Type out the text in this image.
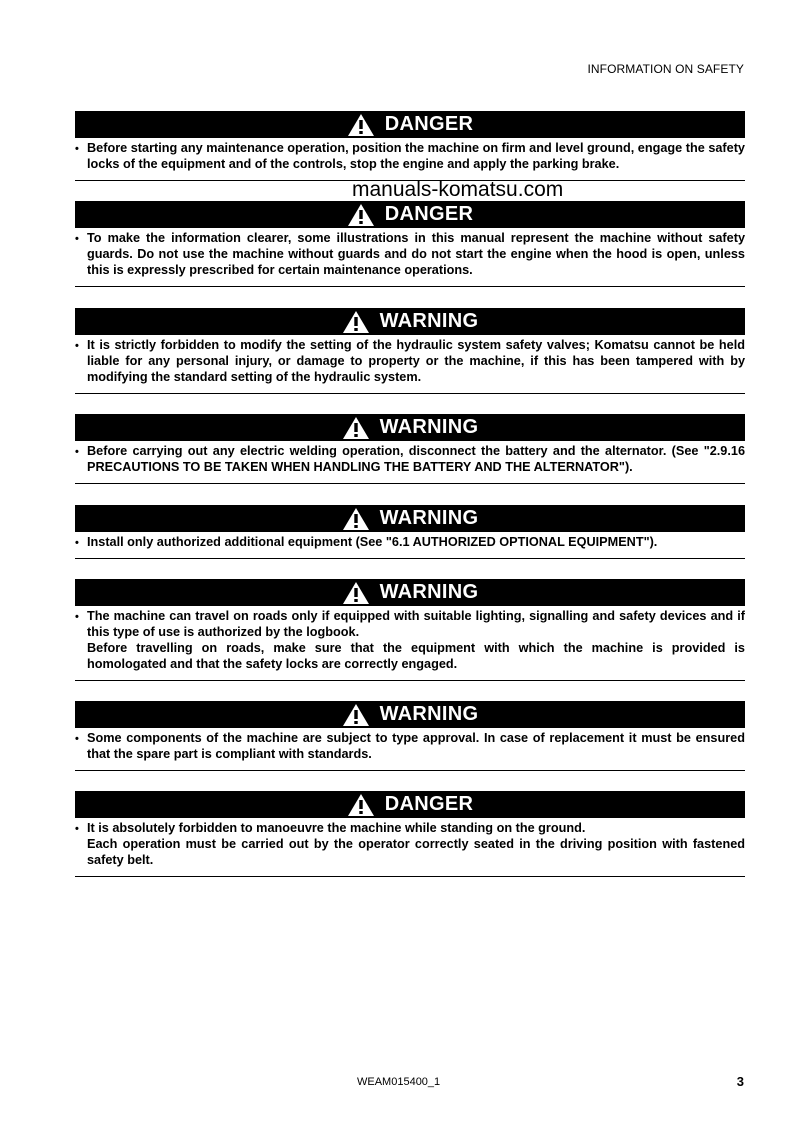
INFORMATION ON SAFETY
manuals-komatsu.com
DANGER
• Before starting any maintenance operation, position the machine on firm and level ground, engage the safety locks of the equipment and of the controls, stop the engine and apply the parking brake.

DANGER
• To make the information clearer, some illustrations in this manual represent the machine without safety guards. Do not use the machine without guards and do not start the engine when the hood is open, unless this is expressly prescribed for certain maintenance operations.

WARNING
• It is strictly forbidden to modify the setting of the hydraulic system safety valves; Komatsu cannot be held liable for any personal injury, or damage to property or the machine, if this has been tampered with by modifying the standard setting of the hydraulic system.

WARNING
• Before carrying out any electric welding operation, disconnect the battery and the alternator. (See "2.9.16 PRECAUTIONS TO BE TAKEN WHEN HANDLING THE BATTERY AND THE ALTERNATOR").

WARNING
• Install only authorized additional equipment (See "6.1 AUTHORIZED OPTIONAL EQUIPMENT").

WARNING
• The machine can travel on roads only if equipped with suitable lighting, signalling and safety devices and if this type of use is authorized by the logbook.

Before travelling on roads, make sure that the equipment with which the machine is provided is homologated and that the safety locks are correctly engaged.

WARNING
• Some components of the machine are subject to type approval. In case of replacement it must be ensured that the spare part is compliant with standards.

DANGER
• It is absolutely forbidden to manoeuvre the machine while standing on the ground.

Each operation must be carried out by the operator correctly seated in the driving position with fastened safety belt.

WEAM015400_1	3
